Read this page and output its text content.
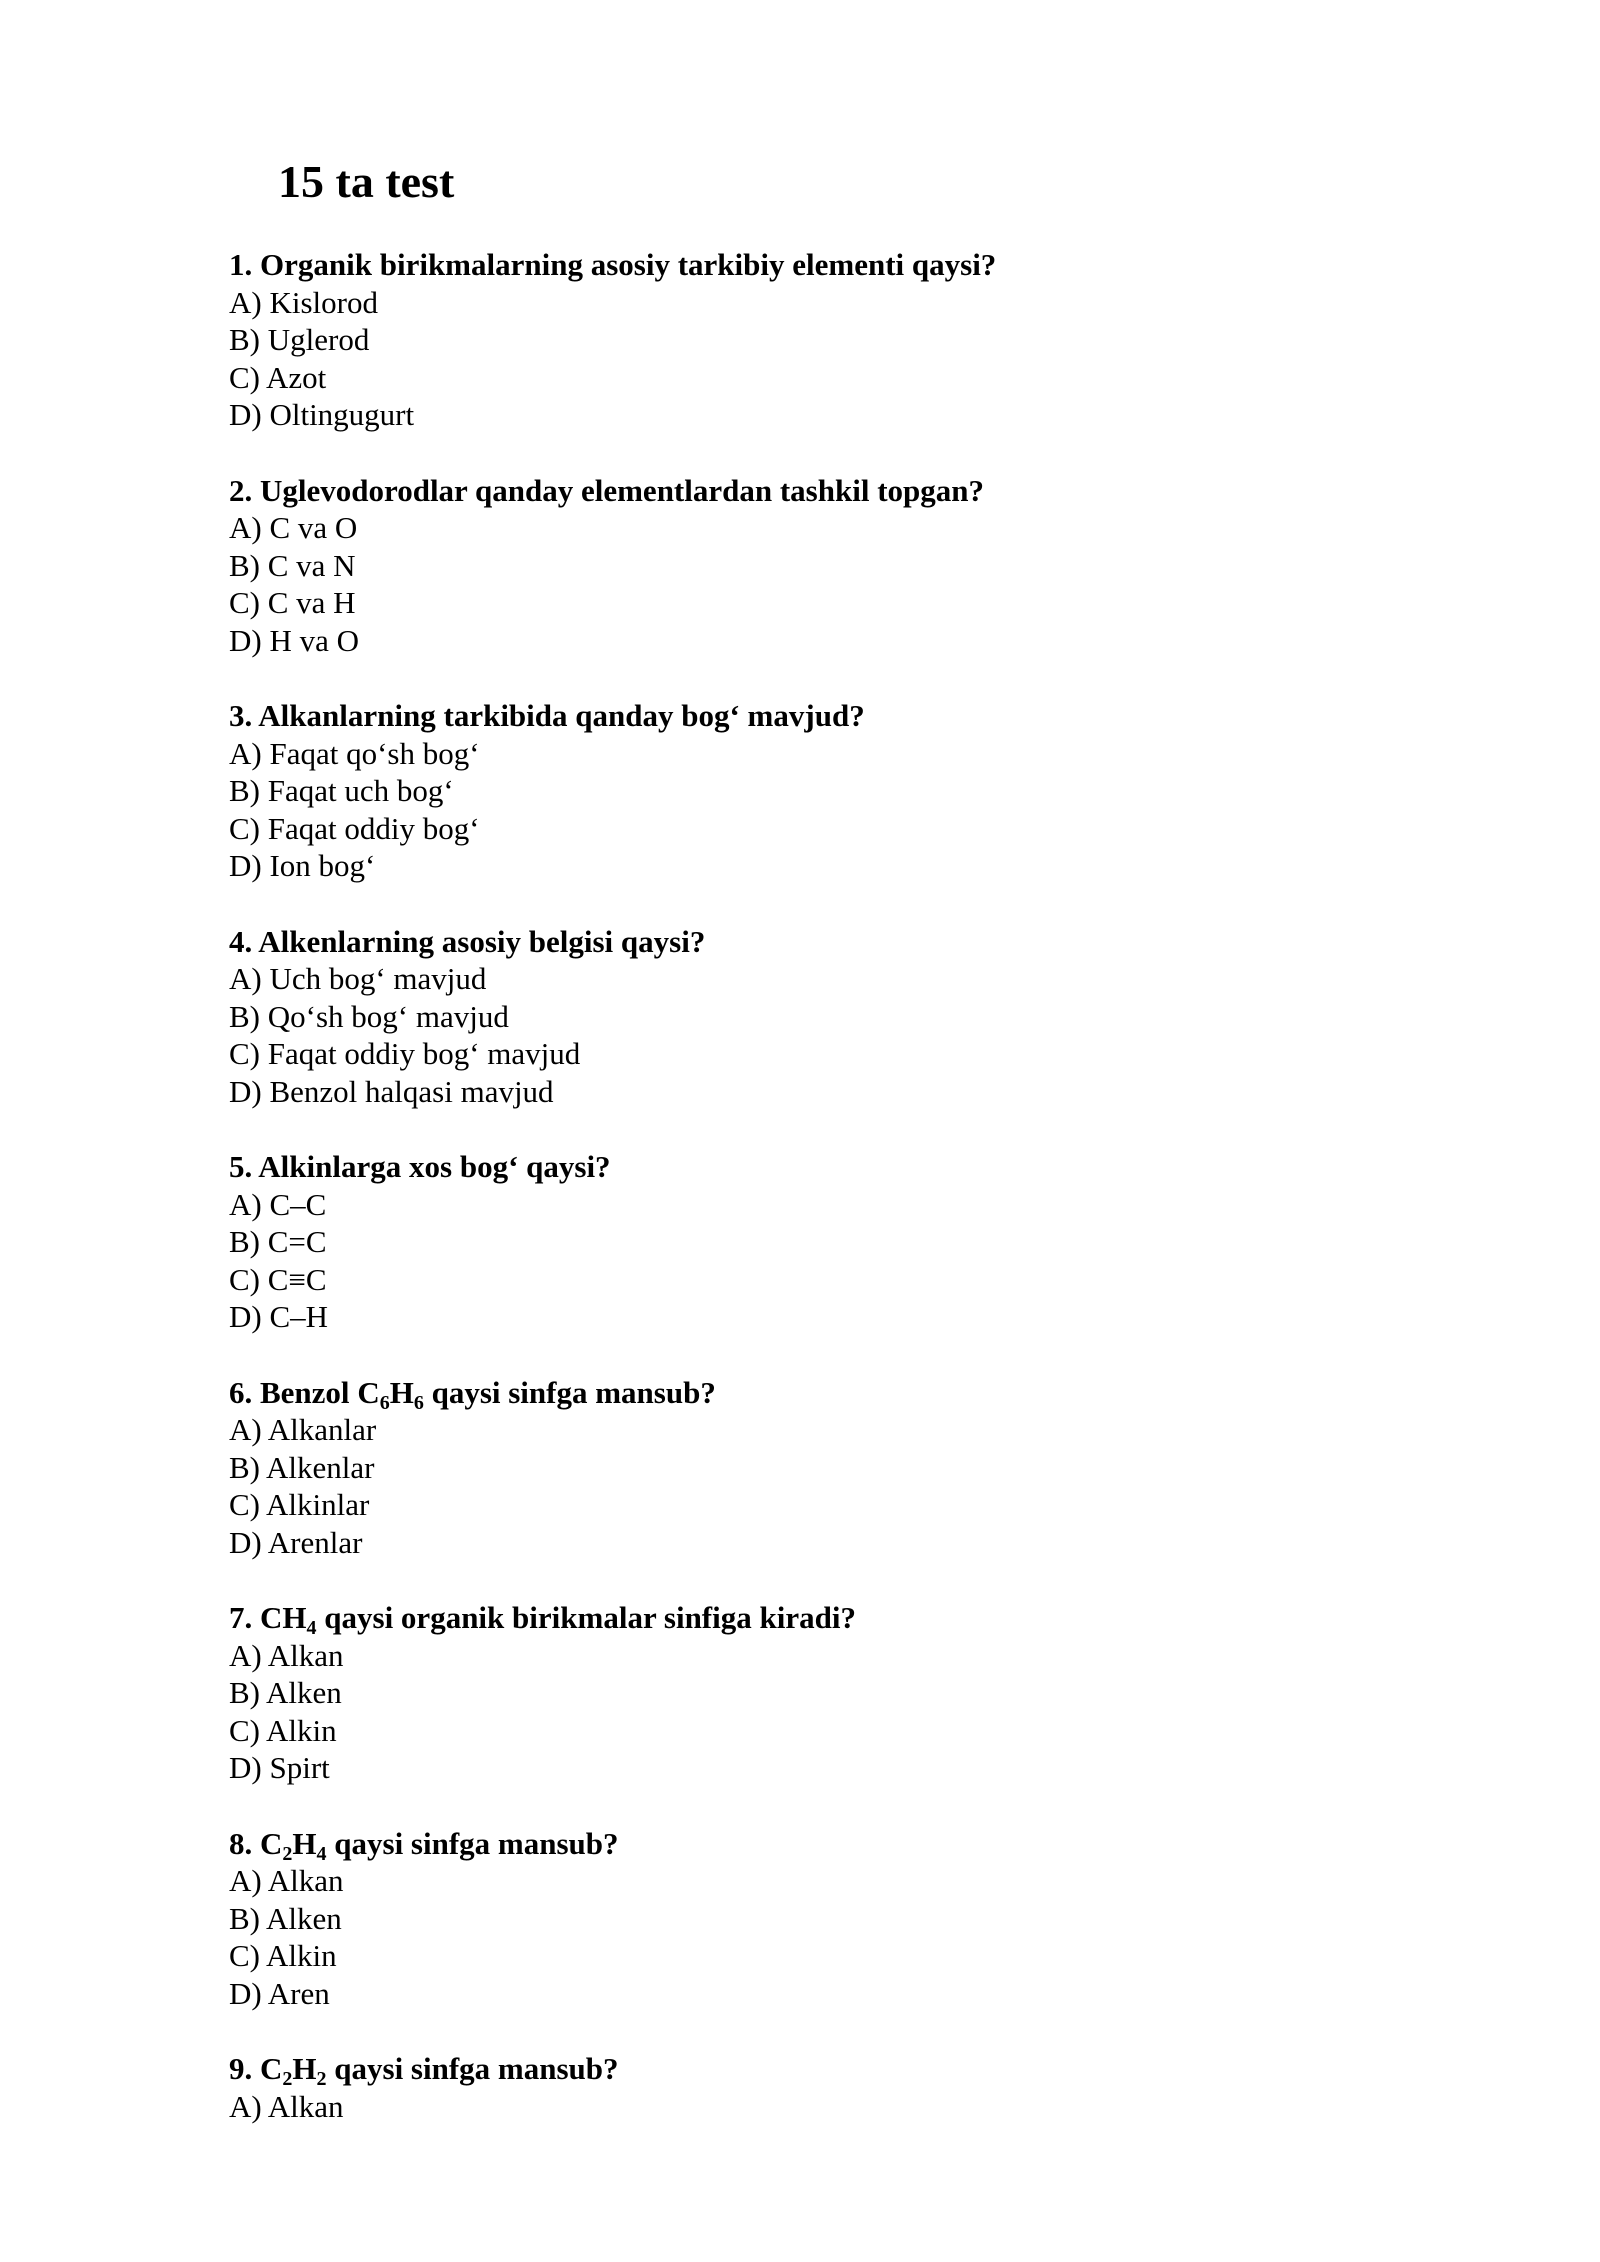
15 ta test
1. Organik birikmalarning asosiy tarkibiy elementi qaysi?
A) Kislorod
B) Uglerod
C) Azot
D) Oltingugurt
2. Uglevodorodlar qanday elementlardan tashkil topgan?
A) C va O
B) C va N
C) C va H
D) H va O
3. Alkanlarning tarkibida qanday bog‘ mavjud?
A) Faqat qo‘sh bog‘
B) Faqat uch bog‘
C) Faqat oddiy bog‘
D) Ion bog‘
4. Alkenlarning asosiy belgisi qaysi?
A) Uch bog‘ mavjud
B) Qo‘sh bog‘ mavjud
C) Faqat oddiy bog‘ mavjud
D) Benzol halqasi mavjud
5. Alkinlarga xos bog‘ qaysi?
A) C–C
B) C=C
C) C≡C
D) C–H
6. Benzol $C_6H_6$ qaysi sinfga mansub?
A) Alkanlar
B) Alkenlar
C) Alkinlar
D) Arenlar
7. $CH_4$ qaysi organik birikmalar sinfiga kiradi?
A) Alkan
B) Alken
C) Alkin
D) Spirt
8. $C_2H_4$ qaysi sinfga mansub?
A) Alkan
B) Alken
C) Alkin
D) Aren
9. $C_2H_2$ qaysi sinfga mansub?
A) Alkan
